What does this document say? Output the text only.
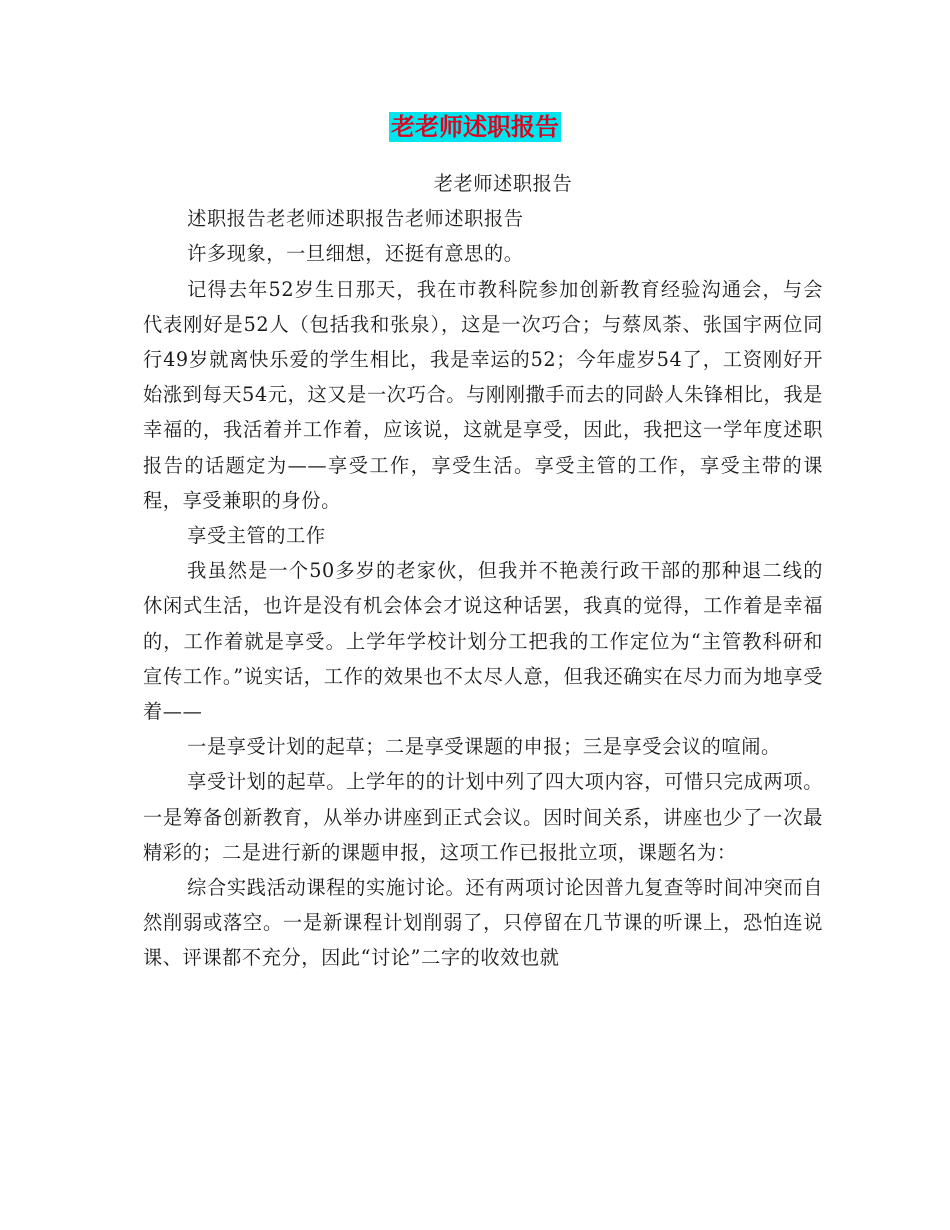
老老师述职报告

老老师述职报告

述职报告老老师述职报告老师述职报告

许多现象，一旦细想，还挺有意思的。

记得去年52岁生日那天，我在市教科院参加创新教育经验沟通会，与会代表刚好是52人（包括我和张泉），这是一次巧合；与蔡凤荼、张国宇两位同行49岁就离快乐爱的学生相比，我是幸运的52；今年虚岁54了，工资刚好开始涨到每天54元，这又是一次巧合。与刚刚撒手而去的同龄人朱锋相比，我是幸福的，我活着并工作着，应该说，这就是享受，因此，我把这一学年度述职报告的话题定为——享受工作，享受生活。享受主管的工作，享受主带的课程，享受兼职的身份。

享受主管的工作

我虽然是一个50多岁的老家伙，但我并不艳羡行政干部的那种退二线的休闲式生活，也许是没有机会体会才说这种话罢，我真的觉得，工作着是幸福的，工作着就是享受。上学年学校计划分工把我的工作定位为“主管教科研和宣传工作。”说实话，工作的效果也不太尽人意，但我还确实在尽力而为地享受着——

一是享受计划的起草；二是享受课题的申报；三是享受会议的喧闹。

享受计划的起草。上学年的的计划中列了四大项内容，可惜只完成两项。一是筹备创新教育，从举办讲座到正式会议。因时间关系，讲座也少了一次最精彩的；二是进行新的课题申报，这项工作已报批立项，课题名为：

综合实践活动课程的实施讨论。还有两项讨论因普九复查等时间冲突而自然削弱或落空。一是新课程计划削弱了，只停留在几节课的听课上，恐怕连说课、评课都不充分，因此“讨论”二字的收效也就
